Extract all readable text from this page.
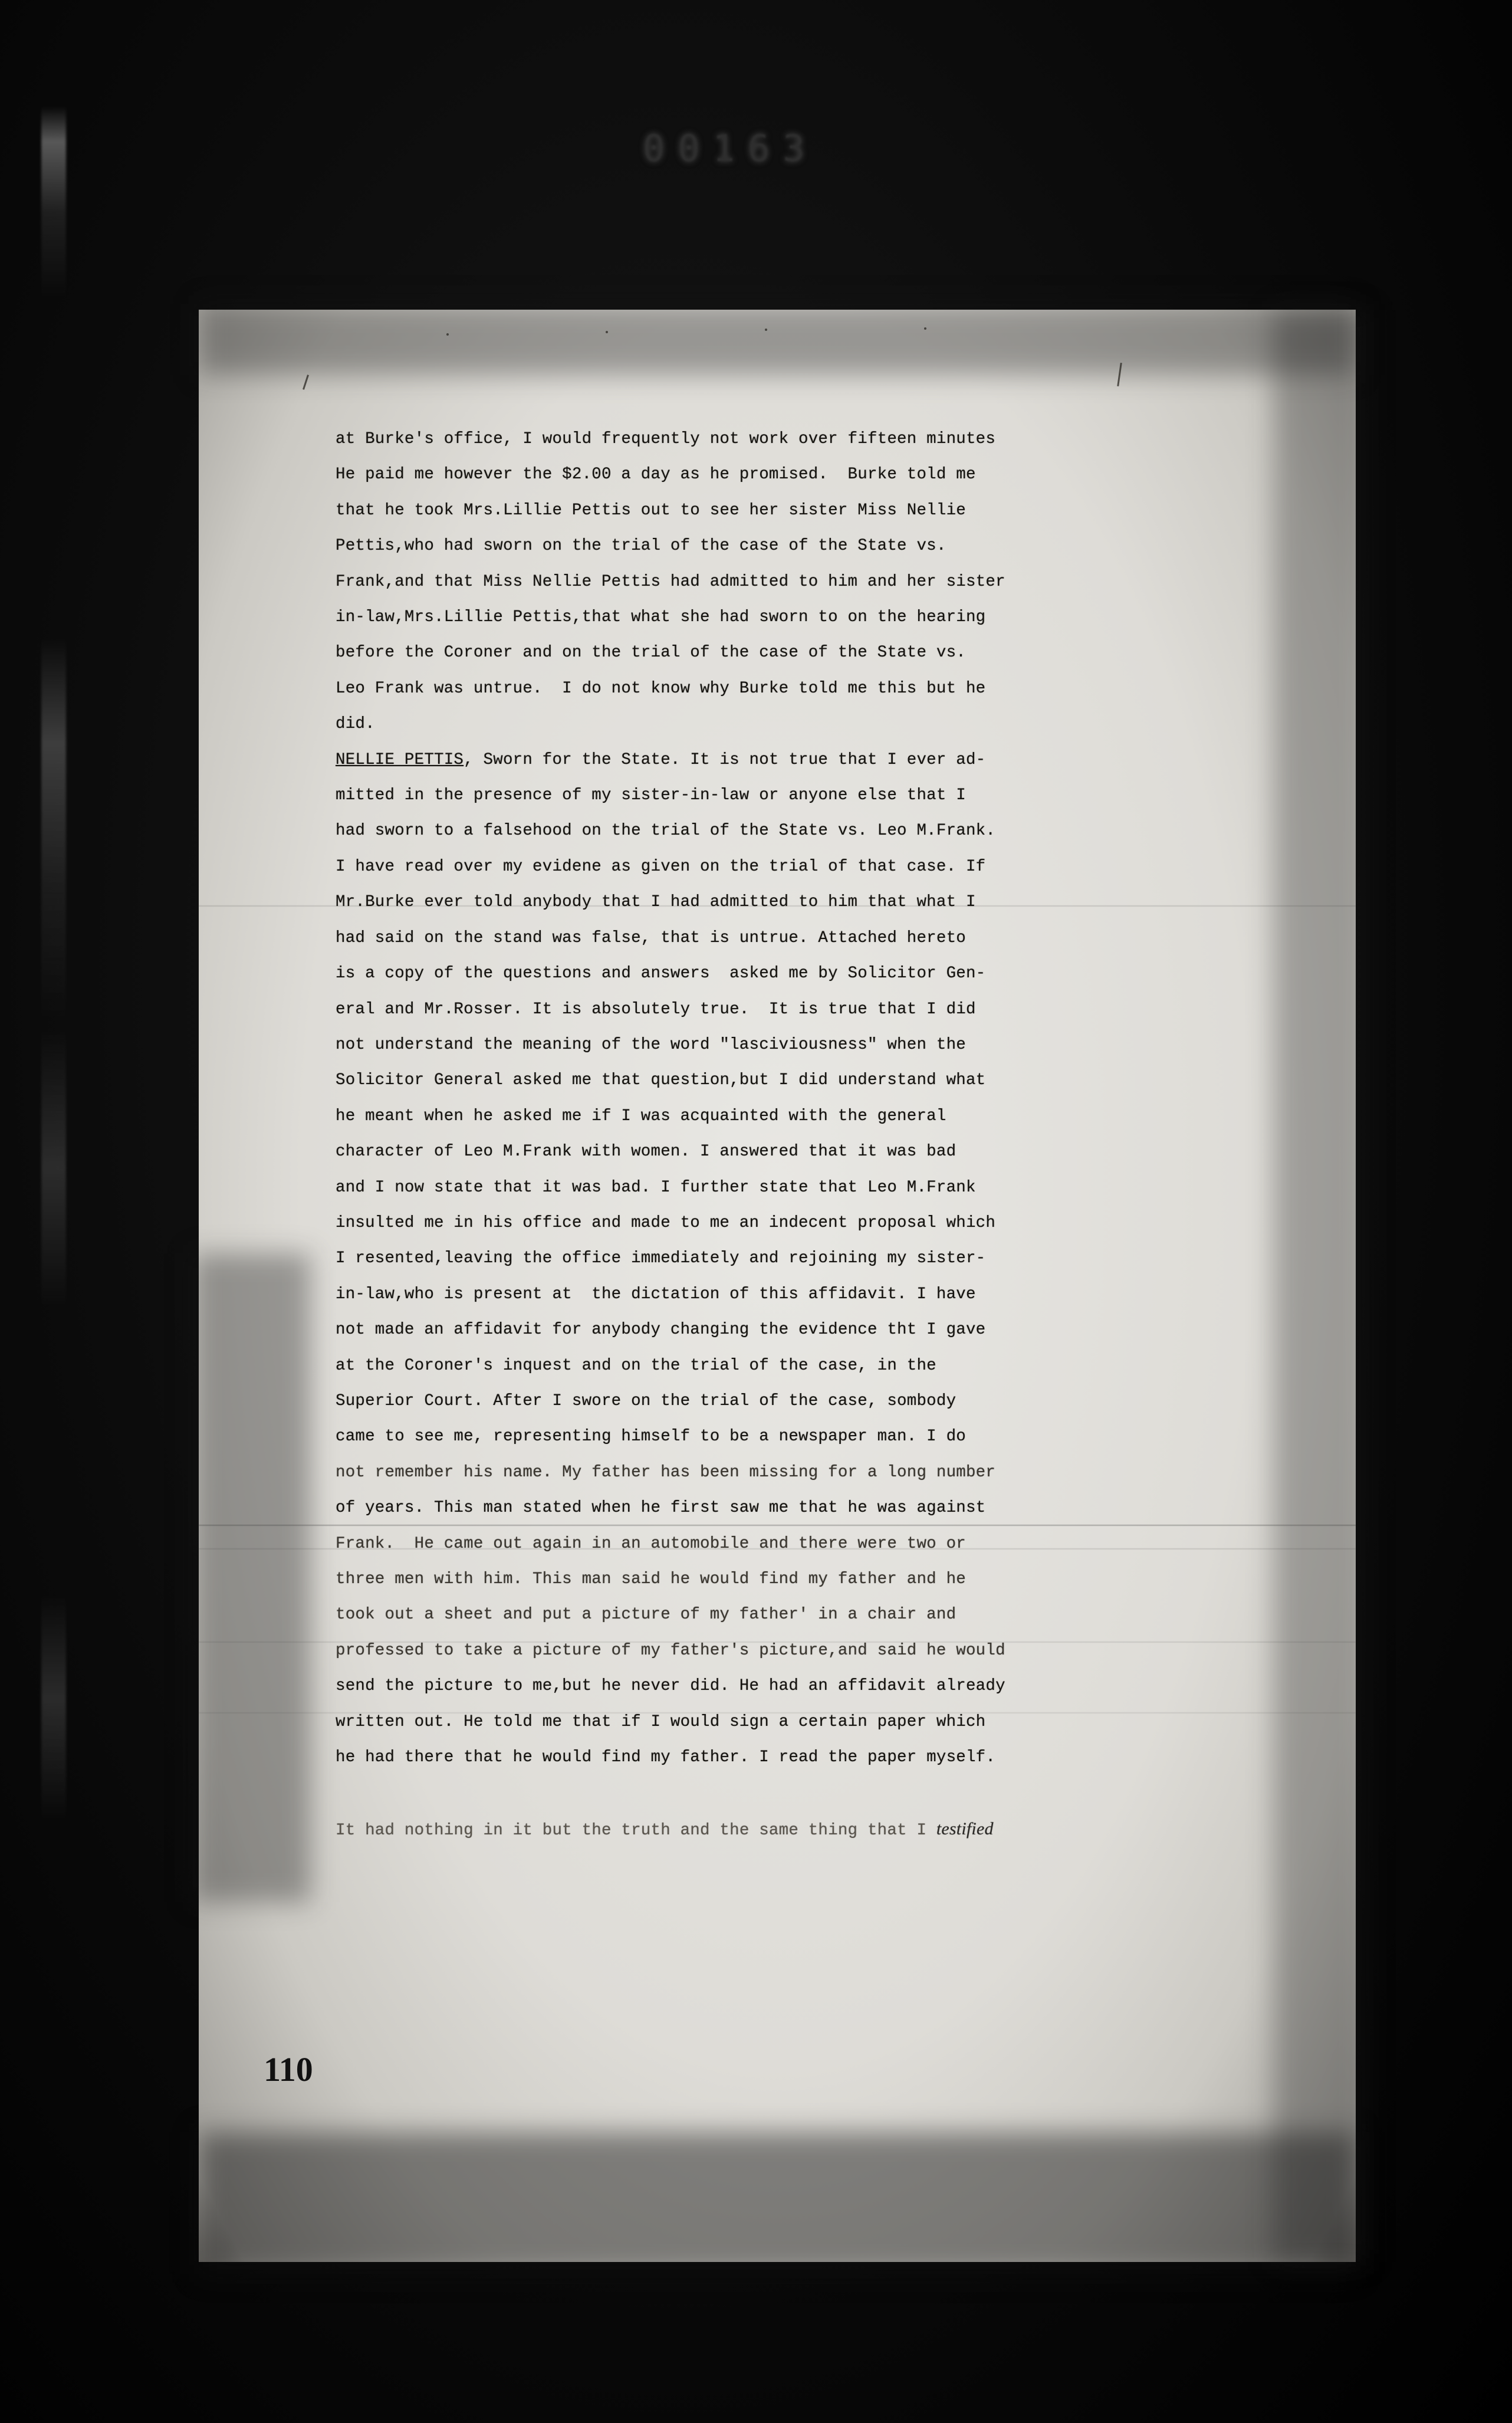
00163

at Burke's office, I would frequently not work over fifteen minutes
He paid me however the $2.00 a day as he promised.  Burke told me
that he took Mrs.Lillie Pettis out to see her sister Miss Nellie
Pettis,who had sworn on the trial of the case of the State vs.
Frank,and that Miss Nellie Pettis had admitted to him and her sister
in-law,Mrs.Lillie Pettis,that what she had sworn to on the hearing
before the Coroner and on the trial of the case of the State vs.
Leo Frank was untrue.  I do not know why Burke told me this but he
did.

NELLIE PETTIS, Sworn for the State. It is not true that I ever ad-
mitted in the presence of my sister-in-law or anyone else that I
had sworn to a falsehood on the trial of the State vs. Leo M.Frank.
I have read over my evidene as given on the trial of that case. If
Mr.Burke ever told anybody that I had admitted to him that what I
had said on the stand was false, that is untrue. Attached hereto
is a copy of the questions and answers  asked me by Solicitor Gen-
eral and Mr.Rosser. It is absolutely true.  It is true that I did
not understand the meaning of the word "lasciviousness" when the
Solicitor General asked me that question,but I did understand what
he meant when he asked me if I was acquainted with the general
character of Leo M.Frank with women. I answered that it was bad
and I now state that it was bad. I further state that Leo M.Frank
insulted me in his office and made to me an indecent proposal which
I resented,leaving the office immediately and rejoining my sister-
in-law,who is present at  the dictation of this affidavit. I have
not made an affidavit for anybody changing the evidence tht I gave
at the Coroner's inquest and on the trial of the case, in the
Superior Court. After I swore on the trial of the case, sombody
came to see me, representing himself to be a newspaper man. I do
not remember his name. My father has been missing for a long number
of years. This man stated when he first saw me that he was against
Frank.  He came out again in an automobile and there were two or
three men with him. This man said he would find my father and he
took out a sheet and put a picture of my father' in a chair and
professed to take a picture of my father's picture,and said he would
send the picture to me,but he never did. He had an affidavit already
written out. He told me that if I would sign a certain paper which
he had there that he would find my father. I read the paper myself.

It had nothing in it but the truth and the same thing that I testified

110
